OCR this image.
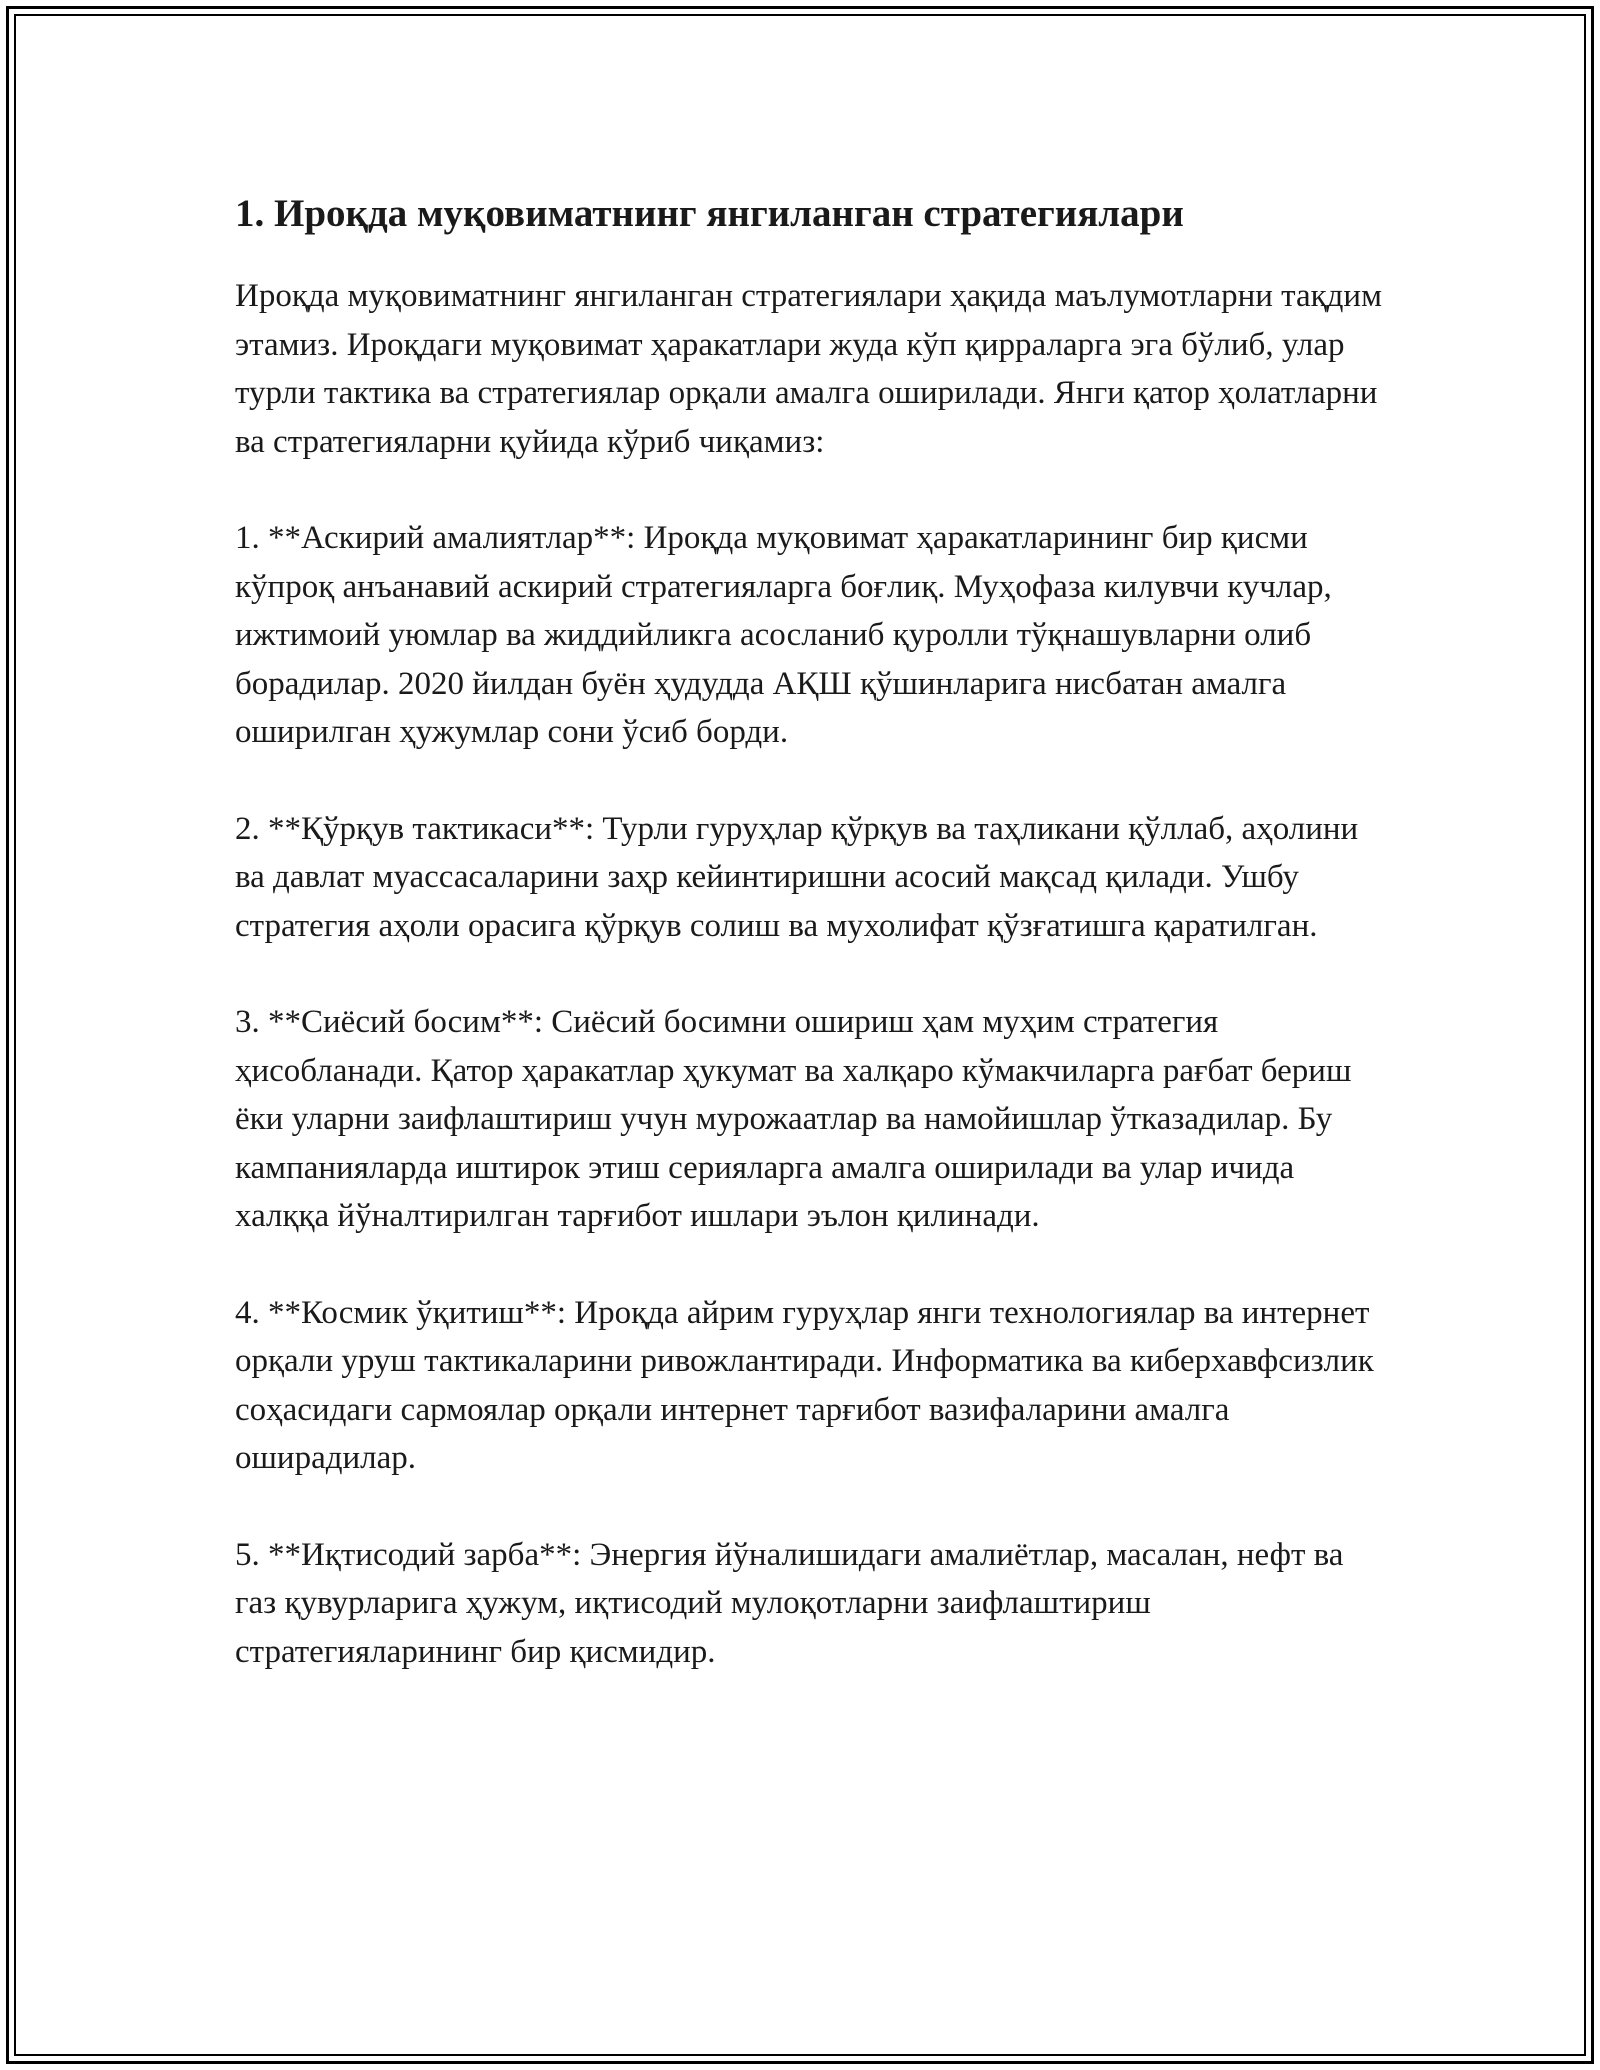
1. Ироқда муқовиматнинг янгиланган стратегиялари

Ироқда муқовиматнинг янгиланган стратегиялари ҳақида маълумотларни тақдим этамиз. Ироқдаги муқовимат ҳаракатлари жуда кўп қирраларга эга бўлиб, улар турли тактика ва стратегиялар орқали амалга оширилади. Янги қатор ҳолатларни ва стратегияларни қуйида кўриб чиқамиз:

1. **Аскирий амалиятлар**: Ироқда муқовимат ҳаракатларининг бир қисми кўпроқ анъанавий аскирий стратегияларга боғлиқ. Муҳофаза килувчи кучлар, ижтимоий уюмлар ва жиддийликга асосланиб қуролли тўқнашувларни олиб борадилар. 2020 йилдан буён ҳудудда АҚШ қўшинларига нисбатан амалга оширилган ҳужумлар сони ўсиб борди.

2. **Қўрқув тактикаси**: Турли гуруҳлар қўрқув ва таҳликани қўллаб, аҳолини ва давлат муассасаларини заҳр кейинтиришни асосий мақсад қилади. Ушбу стратегия аҳоли орасига қўрқув солиш ва мухолифат қўзғатишга қаратилган.

3. **Сиёсий босим**: Сиёсий босимни ошириш ҳам муҳим стратегия ҳисобланади. Қатор ҳаракатлар ҳукумат ва халқаро кўмакчиларга рағбат бериш ёки уларни заифлаштириш учун мурожаатлар ва намойишлар ўтказадилар. Бу кампанияларда иштирок этиш серияларга амалга оширилади ва улар ичида халққа йўналтирилган тарғибот ишлари эълон қилинади.

4. **Космик ўқитиш**: Ироқда айрим гуруҳлар янги технологиялар ва интернет орқали уруш тактикаларини ривожлантиради. Информатика ва киберхавфсизлик соҳасидаги сармоялар орқали интернет тарғибот вазифаларини амалга оширадилар.

5. **Иқтисодий зарба**: Энергия йўналишидаги амалиётлар, масалан, нефт ва газ қувурларига ҳужум, иқтисодий мулоқотларни заифлаштириш стратегияларининг бир қисмидир.
